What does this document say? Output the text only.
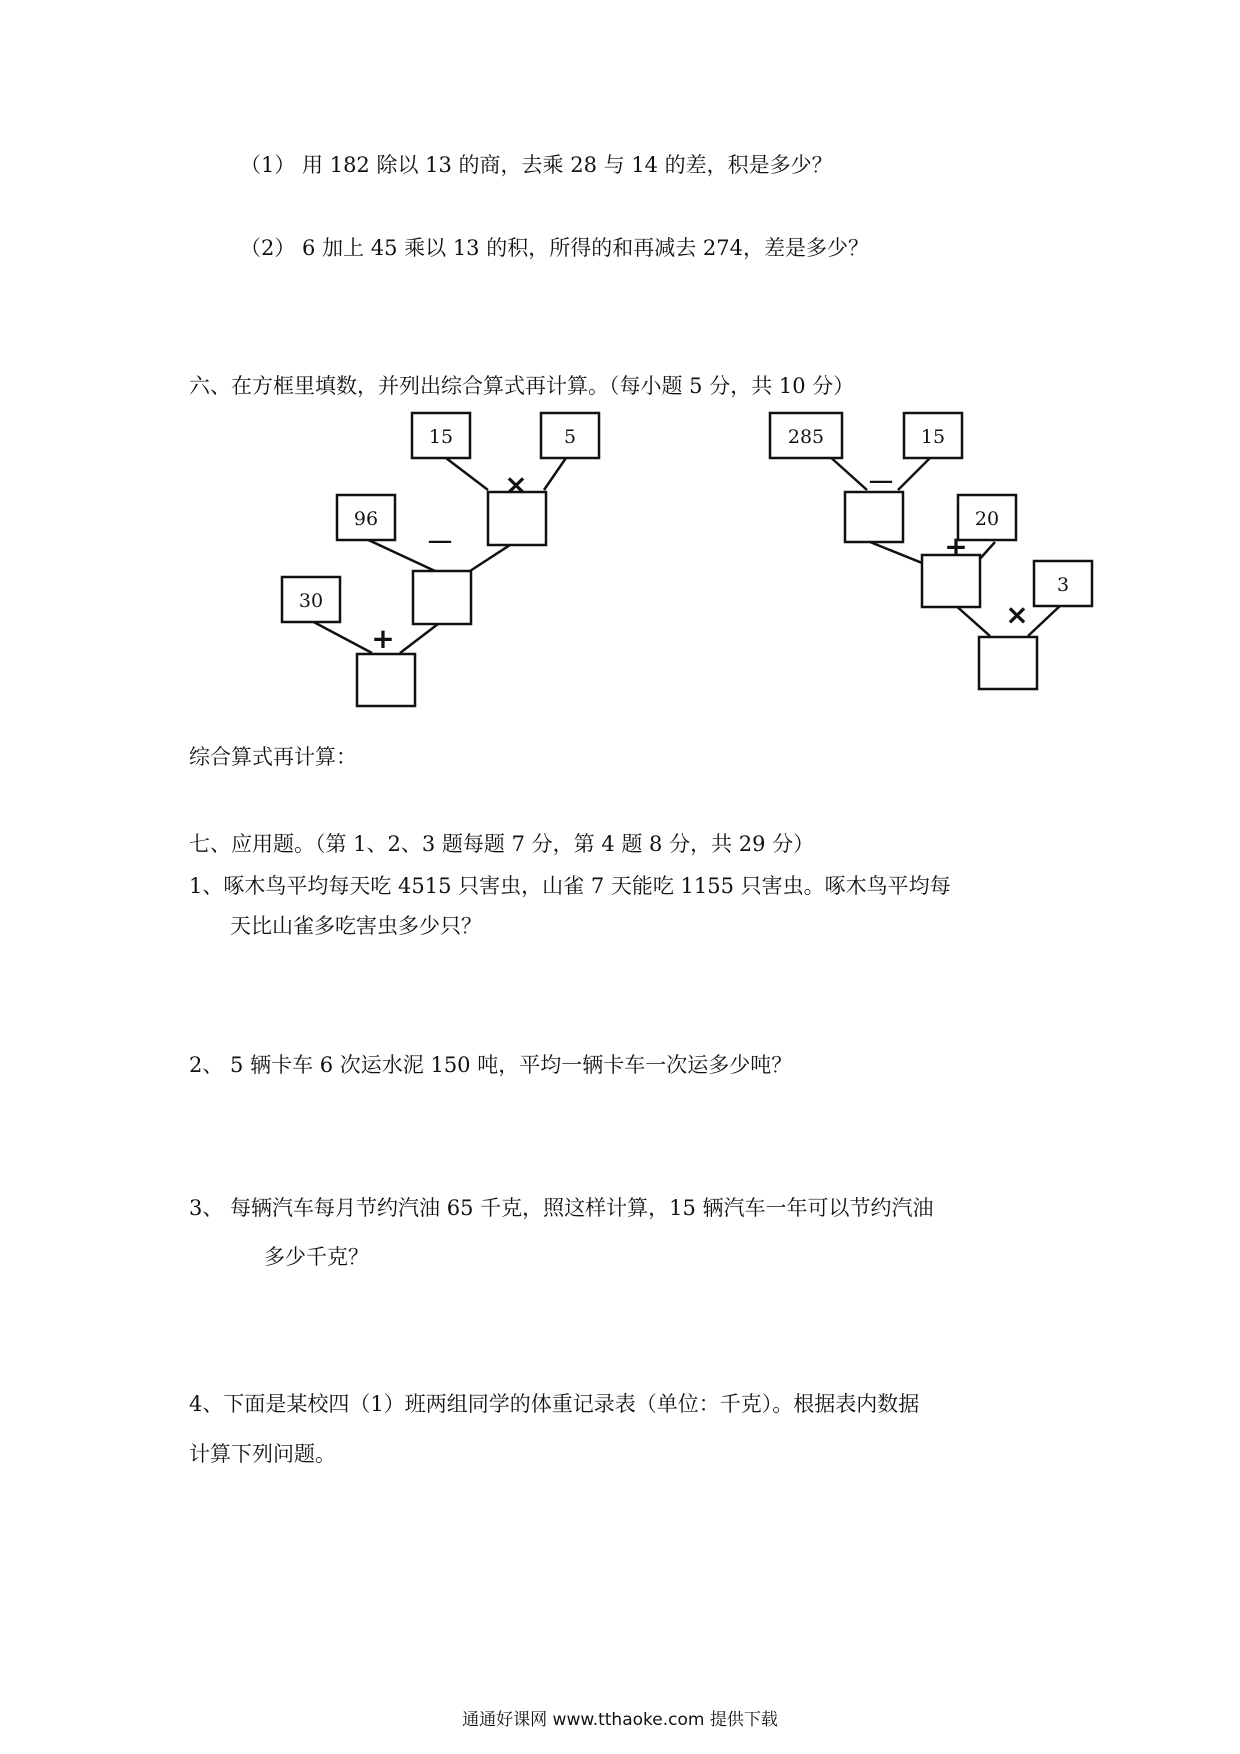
（1） 用 182 除以 13 的商，去乘 28 与 14 的差，积是多少？
（2） 6 加上 45 乘以 13 的积，所得的和再减去 274，差是多少？
六、在方框里填数，并列出综合算式再计算。（每小题 5 分，共 10 分）
15	5
96
30
285	15
20
3
×
－
+
－
+
×
综合算式再计算：
七、应用题。（第 1、2、3 题每题 7 分，第 4 题 8 分，共 29 分）
1、啄木鸟平均每天吃 4515 只害虫，山雀 7 天能吃 1155 只害虫。啄木鸟平均每
天比山雀多吃害虫多少只？
2、 5 辆卡车 6 次运水泥 150 吨，平均一辆卡车一次运多少吨？
3、 每辆汽车每月节约汽油 65 千克，照这样计算，15 辆汽车一年可以节约汽油
多少千克？
4、下面是某校四（1）班两组同学的体重记录表（单位：千克）。根据表内数据
计算下列问题。
通通好课网 www.tthaoke.com 提供下载
